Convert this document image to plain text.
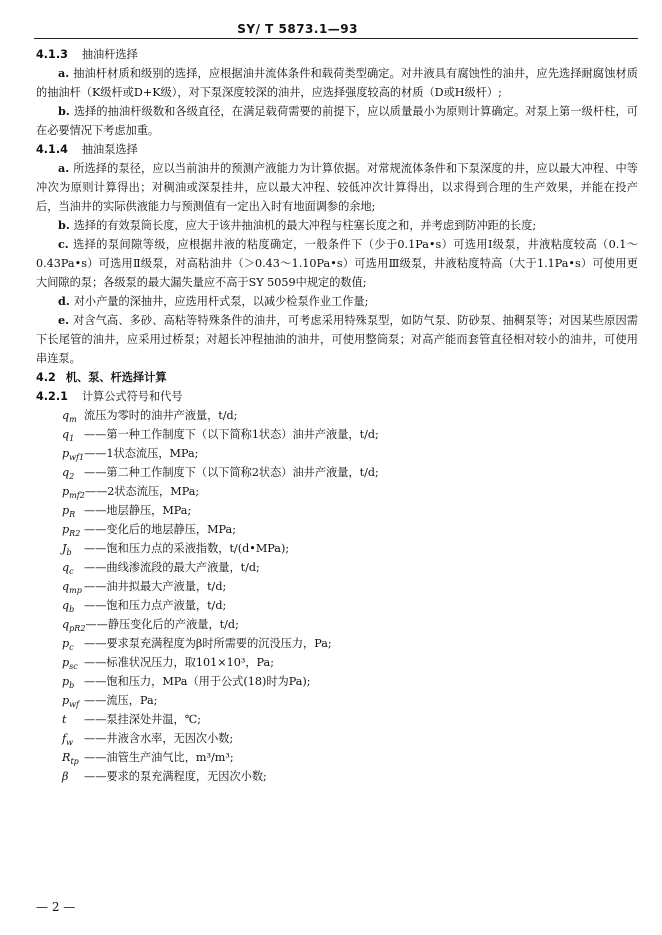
SY/ T 5873.1—93

4.1.3 抽油杆选择

a. 抽油杆材质和级别的选择，应根据油井流体条件和载荷类型确定。对井液具有腐蚀性的油井，应先选择耐腐蚀材质的抽油杆（K级杆或D+K级），对下泵深度较深的油井，应选择强度较高的材质（D或H级杆）;

b. 选择的抽油杆级数和各级直径，在满足载荷需要的前提下，应以质量最小为原则计算确定。对泵上第一级杆柱，可在必要情况下考虑加重。

4.1.4 抽油泵选择

a. 所选择的泵径，应以当前油井的预测产液能力为计算依据。对常规流体条件和下泵深度的井，应以最大冲程、中等冲次为原则计算得出；对稠油或深泵挂井，应以最大冲程、较低冲次计算得出，以求得到合理的生产效果，并能在投产后，当油井的实际供液能力与预测值有一定出入时有地面调参的余地;

b. 选择的有效泵筒长度，应大于该井抽油机的最大冲程与柱塞长度之和，并考虑到防冲距的长度;

c. 选择的泵间隙等级，应根据井液的粘度确定，一般条件下（少于0.1Pa•s）可选用Ⅰ级泵，井液粘度较高（0.1～0.43Pa•s）可选用Ⅱ级泵，对高粘油井（＞0.43～1.10Pa•s）可选用Ⅲ级泵，井液粘度特高（大于1.1Pa•s）可使用更大间隙的泵；各级泵的最大漏失量应不高于SY 5059中规定的数值;

d. 对小产量的深抽井，应选用杆式泵，以减少检泵作业工作量;

e. 对含气高、多砂、高粘等特殊条件的油井，可考虑采用特殊泵型，如防气泵、防砂泵、抽稠泵等；对因某些原因需下长尾管的油井，应采用过桥泵；对超长冲程抽油的油井，可使用整筒泵；对高产能而套管直径相对较小的油井，可使用串连泵。

4.2 机、泵、杆选择计算

4.2.1 计算公式符号和代号

$q_m$ 流压为零时的油井产液量，t/d;

$q_1$ ——第一种工作制度下（以下简称1状态）油井产液量，t/d;

$p_{wf1}——1$状态流压，MPa;

$q_2$ ——第二种工作制度下（以下简称2状态）油井产液量，t/d;

$p_{mf2}——2$状态流压，MPa;

$p_R$ ——地层静压，MPa;

$p_{R2}$ ——变化后的地层静压，MPa;

$J_b$ ——饱和压力点的采液指数，t/(d•MPa);

$q_c$ ——曲线渗流段的最大产液量，t/d;

$q_{mp}$ ——油井拟最大产液量，t/d;

$q_b$ ——饱和压力点产液量，t/d;

$q_{pR2}——$静压变化后的产液量，t/d;

$p_c$ ——要求泵充满程度为β时所需要的沉没压力，Pa;

$p_{sc}$ ——标准状况压力，取101×10³，Pa;

$p_b$ ——饱和压力，MPa（用于公式(18)时为Pa);

$p_{wf}$ ——流压，Pa;

t ——泵挂深处井温，℃;

$f_w$ ——井液含水率，无因次小数;

$R_{tp}$ ——油管生产油气比，m³/m³;

β ——要求的泵充满程度，无因次小数;

— 2 —
